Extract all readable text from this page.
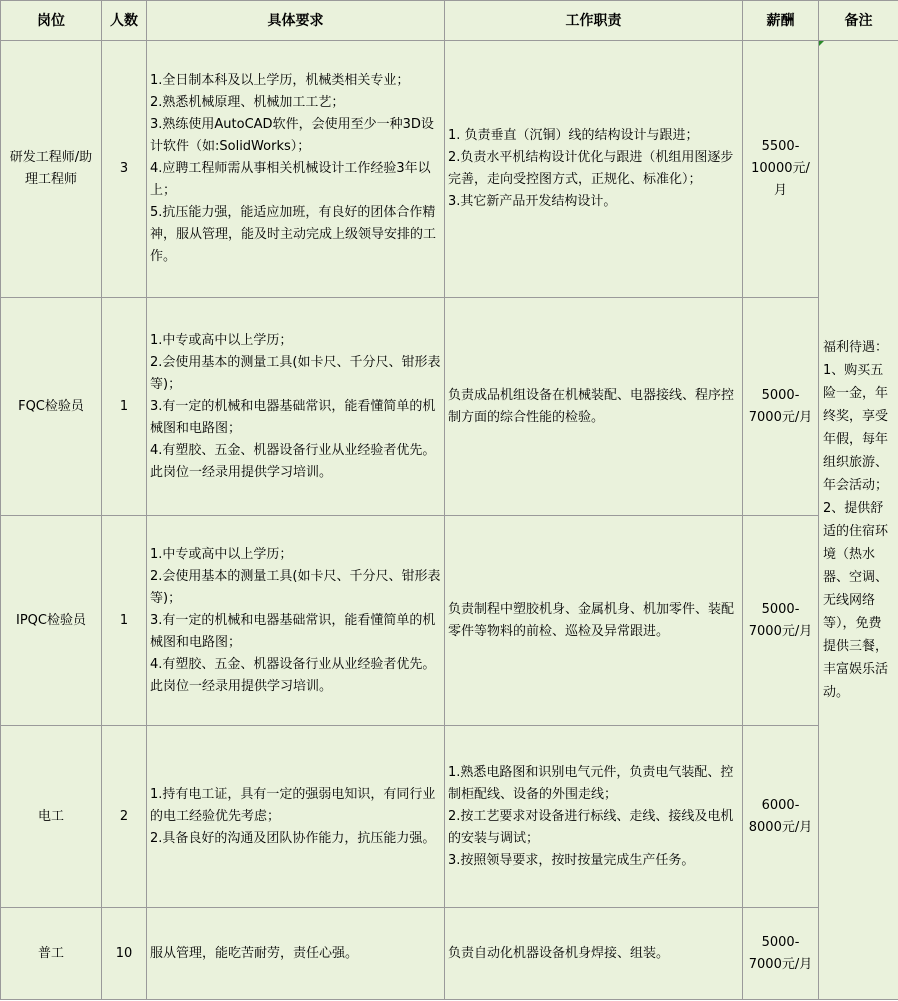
岗位	人数	具体要求	工作职责	薪酬	备注
研发工程师/助理工程师	3	1.全日制本科及以上学历，机械类相关专业；
2.熟悉机械原理、机械加工工艺；
3.熟练使用AutoCAD软件，会使用至少一种3D设计软件（如:SolidWorks）；
4.应聘工程师需从事相关机械设计工作经验3年以上；
5.抗压能力强，能适应加班，有良好的团体合作精神，服从管理，能及时主动完成上级领导安排的工作。	1. 负责垂直（沉铜）线的结构设计与跟进；
2.负责水平机结构设计优化与跟进（机组用图逐步完善，走向受控图方式，正规化、标准化）；
3.其它新产品开发结构设计。	5500-10000元/月	福利待遇：1、购买五险一金，年终奖，享受年假，每年组织旅游、年会活动；2、提供舒适的住宿环境（热水器、空调、无线网络等），免费提供三餐，丰富娱乐活动。
FQC检验员	1	1.中专或高中以上学历；
2.会使用基本的测量工具(如卡尺、千分尺、钳形表等)；
3.有一定的机械和电器基础常识，能看懂简单的机械图和电路图；
4.有塑胶、五金、机器设备行业从业经验者优先。 此岗位一经录用提供学习培训。	负责成品机组设备在机械装配、电器接线、程序控制方面的综合性能的检验。	5000-7000元/月	
IPQC检验员	1	1.中专或高中以上学历；
2.会使用基本的测量工具(如卡尺、千分尺、钳形表等)；
3.有一定的机械和电器基础常识，能看懂简单的机械图和电路图；
4.有塑胶、五金、机器设备行业从业经验者优先。 此岗位一经录用提供学习培训。	负责制程中塑胶机身、金属机身、机加零件、装配零件等物料的前检、巡检及异常跟进。	5000-7000元/月	
电工	2	1.持有电工证，具有一定的强弱电知识，有同行业的电工经验优先考虑；
2.具备良好的沟通及团队协作能力，抗压能力强。	1.熟悉电路图和识别电气元件，负责电气装配、控制柜配线、设备的外围走线；
2.按工艺要求对设备进行标线、走线、接线及电机的安装与调试；
3.按照领导要求，按时按量完成生产任务。	6000-8000元/月	
普工	10	服从管理，能吃苦耐劳，责任心强。	负责自动化机器设备机身焊接、组装。	5000-7000元/月	
